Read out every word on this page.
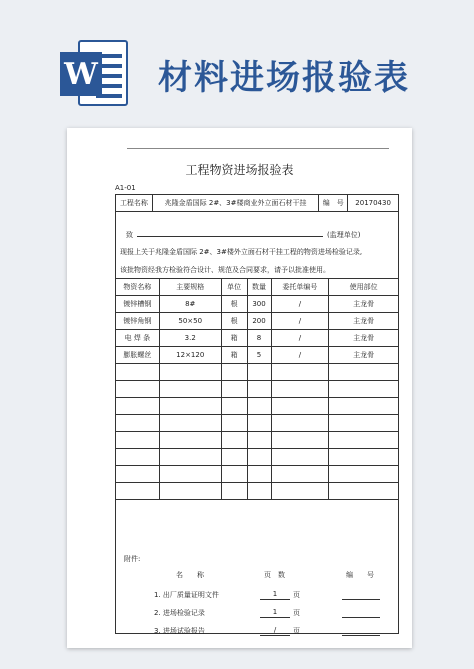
W 材料进场报验表
工程物资进场报验表
A1-01
工程名称	兆隆金盾国际 2#、3#楼商业外立面石材干挂	编　号	20170430
致	(监理单位)
现报上关于兆隆金盾国际 2#、3#楼外立面石材干挂工程的物资进场检验记录,
该批物资经我方检验符合设计、规范及合同要求，请予以批准使用。
物资名称	主要规格	单位	数量	委托单编号	使用部位
镀锌槽钢	8#	根	300	/	主龙骨
镀锌角钢	50×50	根	200	/	主龙骨
电 焊 条	3.2	箱	8	/	主龙骨
膨胀螺丝	12×120	箱	5	/	主龙骨

附件:
名　　称	页　数	编　　号
1. 出厂质量证明文件	1	页
2. 进场检验记录	1	页
3. 进场试验报告	/	页
